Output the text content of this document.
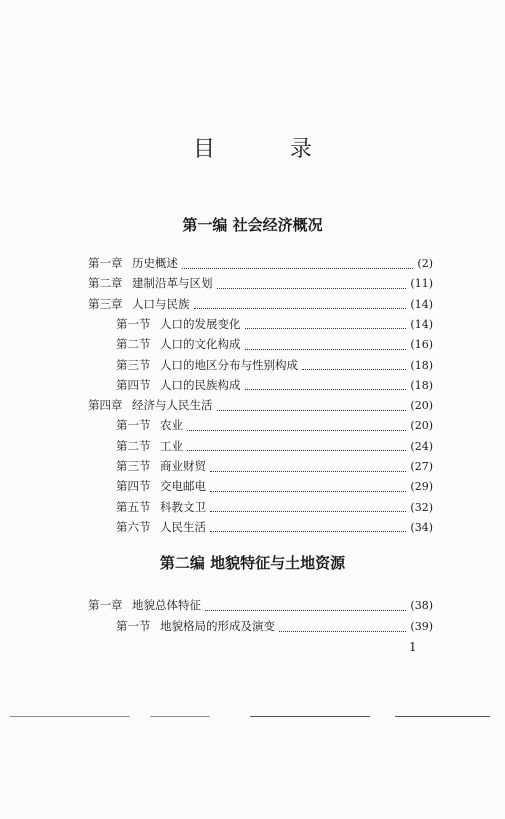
目 录
第一编 社会经济概况
第一章 历史概述	(2)
第二章 建制沿革与区划	(11)
第三章 人口与民族	(14)
第一节 人口的发展变化	(14)
第二节 人口的文化构成	(16)
第三节 人口的地区分布与性别构成	(18)
第四节 人口的民族构成	(18)
第四章 经济与人民生活	(20)
第一节 农业	(20)
第二节 工业	(24)
第三节 商业财贸	(27)
第四节 交电邮电	(29)
第五节 科教文卫	(32)
第六节 人民生活	(34)
第二编 地貌特征与土地资源
第一章 地貌总体特征	(38)
第一节 地貌格局的形成及演变	(39)
1
